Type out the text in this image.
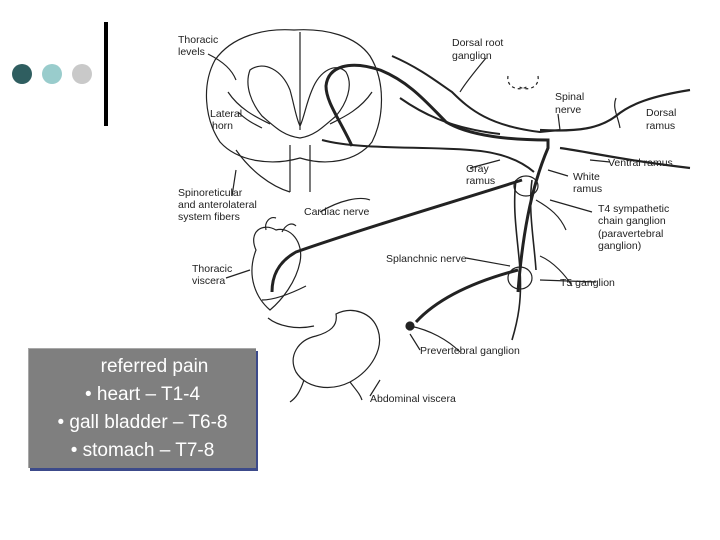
Thoracic
levels
Dorsal root
ganglion
Lateral
horn
Spinal
nerve	Dorsal
ramus
Ventral ramus
Gray
ramus	White
ramus
Spinoreticular
and anterolateral
system fibers	Cardiac nerve	T4 sympathetic
chain ganglion
(paravertebral
ganglion)
Thoracic
viscera
Splanchnic nerve
T5 ganglion
Prevertebral ganglion
Abdominal viscera
referred pain
• heart – T1-4
• gall bladder – T6-8
• stomach – T7-8
